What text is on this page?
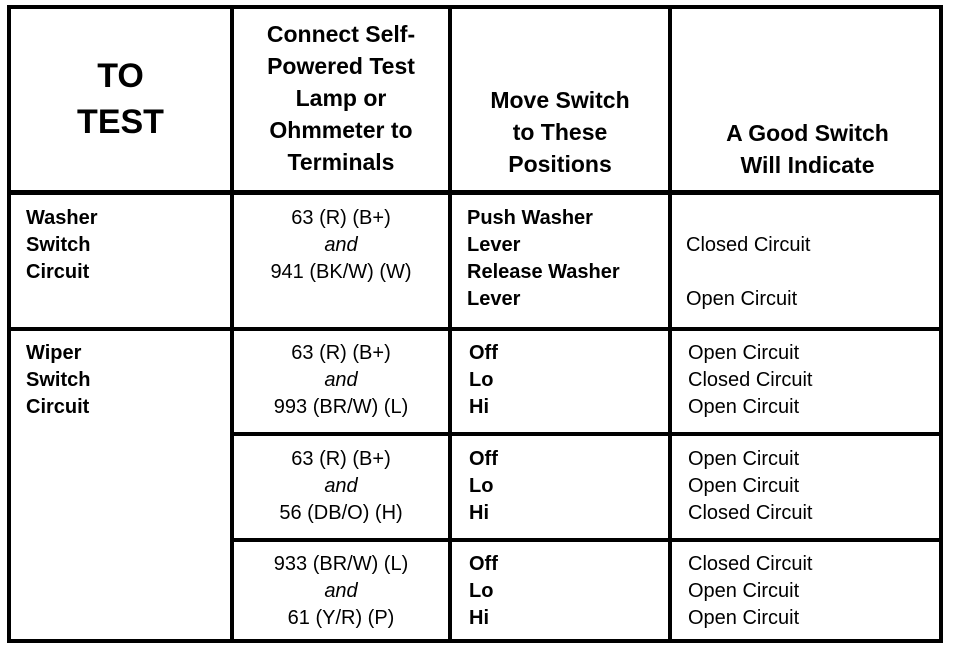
TO
TEST
Connect Self-
Powered Test
Lamp or
Ohmmeter to
Terminals
Move Switch
to These
Positions
A Good Switch
Will Indicate
Washer
Switch
Circuit
63 (R) (B+)
and
941 (BK/W) (W)
Push Washer
Lever
Release Washer
Lever

Closed Circuit

Open Circuit
Wiper
Switch
Circuit
63 (R) (B+)
and
993 (BR/W) (L)
Off
Lo
Hi
Open Circuit
Closed Circuit
Open Circuit
63 (R) (B+)
and
56 (DB/O) (H)
Off
Lo
Hi
Open Circuit
Open Circuit
Closed Circuit
933 (BR/W) (L)
and
61 (Y/R) (P)
Off
Lo
Hi
Closed Circuit
Open Circuit
Open Circuit
